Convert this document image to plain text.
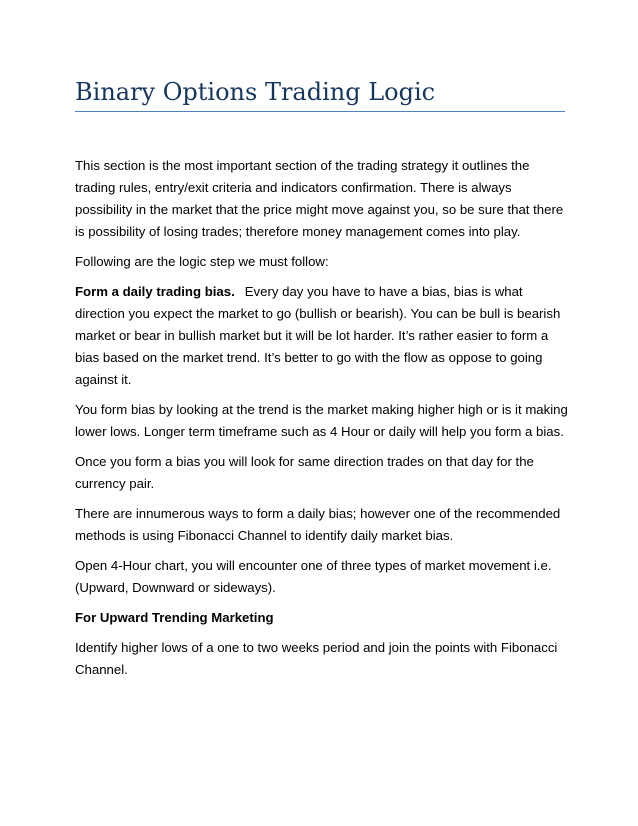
Binary Options Trading Logic

This section is the most important section of the trading strategy it outlines the trading rules, entry/exit criteria and indicators confirmation. There is always possibility in the market that the price might move against you, so be sure that there is possibility of losing trades; therefore money management comes into play.

Following are the logic step we must follow:

Form a daily trading bias. Every day you have to have a bias, bias is what direction you expect the market to go (bullish or bearish). You can be bull is bearish market or bear in bullish market but it will be lot harder. It’s rather easier to form a bias based on the market trend. It’s better to go with the flow as oppose to going against it.

You form bias by looking at the trend is the market making higher high or is it making lower lows. Longer term timeframe such as 4 Hour or daily will help you form a bias.

Once you form a bias you will look for same direction trades on that day for the currency pair.

There are innumerous ways to form a daily bias; however one of the recommended methods is using Fibonacci Channel to identify daily market bias.

Open 4-Hour chart, you will encounter one of three types of market movement i.e. (Upward, Downward or sideways).

For Upward Trending Marketing

Identify higher lows of a one to two weeks period and join the points with Fibonacci Channel.
